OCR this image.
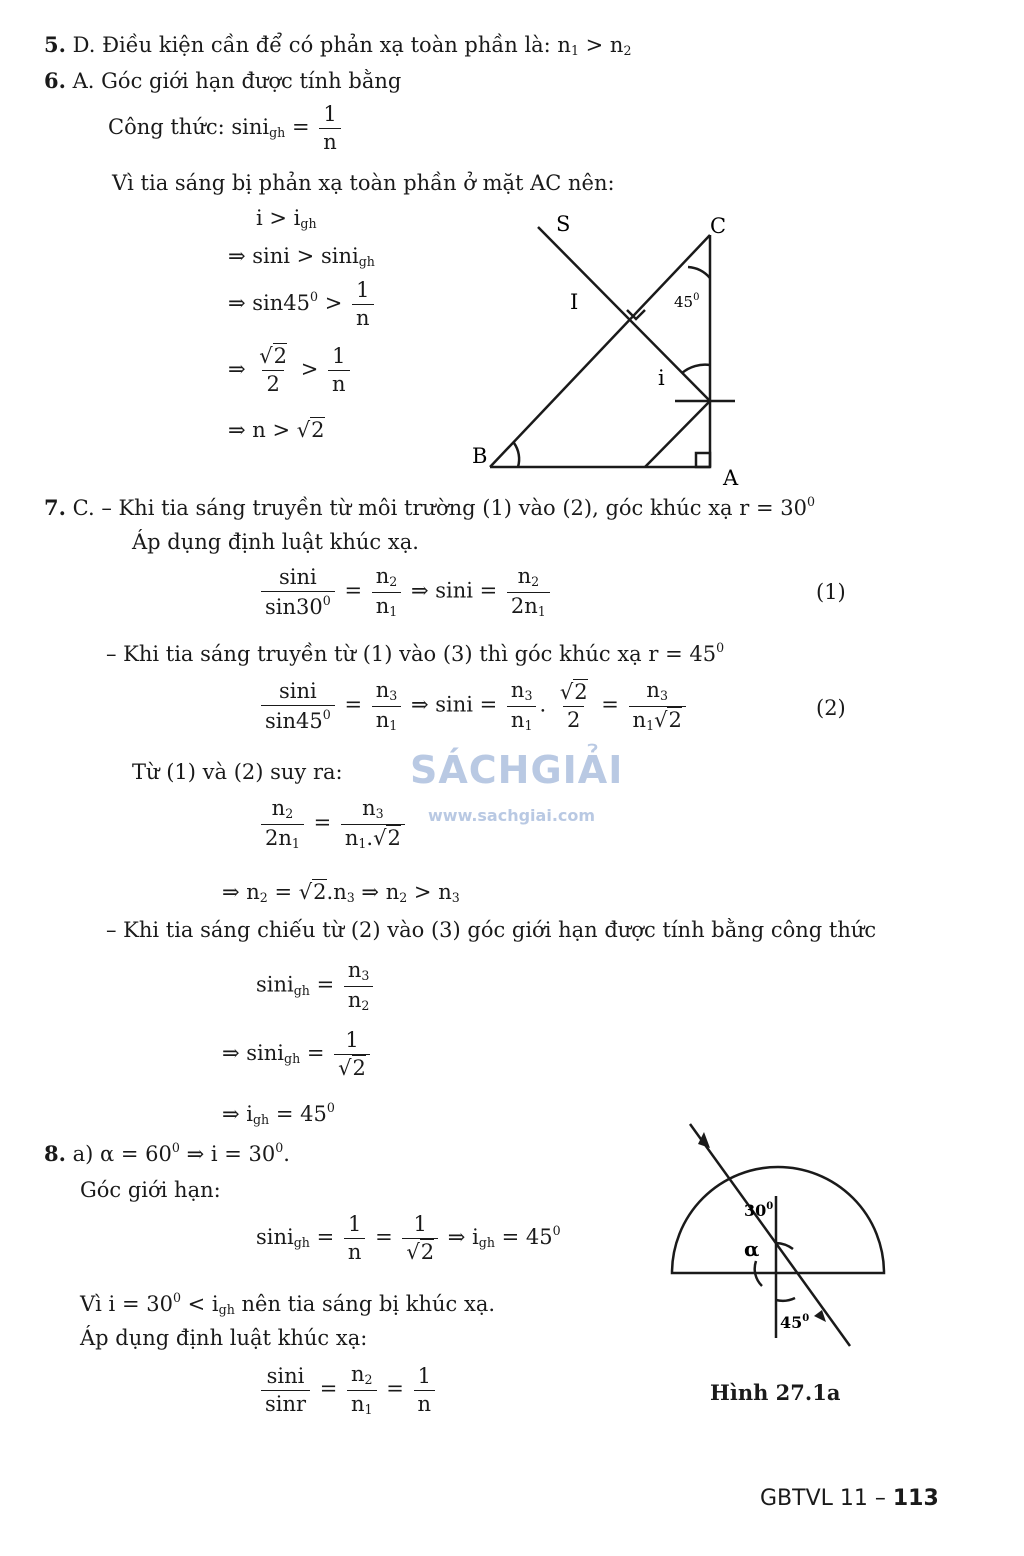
5. D. Điều kiện cần để có phản xạ toàn phần là: $n_1 > n_2$
6. A. Góc giới hạn được tính bằng
Công thức: $\sin i_{gh} = \frac{1}{n}$
Vì tia sáng bị phản xạ toàn phần ở mặt AC nên:
$i > i_{gh}$
⇒ sini > sini$_{gh}$
⇒ $\sin 45^0 > \frac{1}{n}$
⇒ $\frac{√2}{2} > \frac{1}{n}$
⇒ n > √2
S	C
I
i
B
A
$45^0$
7. C. – Khi tia sáng truyền từ môi trường (1) vào (2), góc khúc xạ $r = 30^0$
Áp dụng định luật khúc xạ.
$\frac{\sin i}{\sin 30^0} = \frac{n_2}{n_1}$ ⇒ $\sin i = \frac{n_2}{2n_1}$	(1)
– Khi tia sáng truyền từ (1) vào (3) thì góc khúc xạ $r = 45^0$
$\frac{\sin i}{\sin 45^0} = \frac{n_3}{n_1}$ ⇒ $\sin i = \frac{n_3}{n_1}$ . $\frac{√2}{2} = \frac{n_3}{n_1√2}$	(2)
SÁCHGIẢI
www.sachgiai.com
Từ (1) và (2) suy ra:
$\frac{n_2}{2n_1} = \frac{n_3}{n_1.√2}$
⇒ $n_2 = √2.n_3$ ⇒ $n_2 > n_3$
– Khi tia sáng chiếu từ (2) vào (3) góc giới hạn được tính bằng công thức
$\sin i_{gh} = \frac{n_3}{n_2}$
⇒ $\sin i_{gh} = \frac{1}{√2}$
⇒ $i_{gh} = 45^0$
8. a) $\alpha = 60^0$ ⇒ $i = 30^0$.
Góc giới hạn:
$\sin i_{gh} = \frac{1}{n} = \frac{1}{√2}$ ⇒ $i_{gh} = 45^0$
Vì $i = 30^0 < i_{gh}$ nên tia sáng bị khúc xạ.
Áp dụng định luật khúc xạ:
$\frac{\sin i}{\sin r} = \frac{n_2}{n_1} = \frac{1}{n}$
$30^0$
α
$45^0$
Hình 27.1a
GBTVL 11 – 113
